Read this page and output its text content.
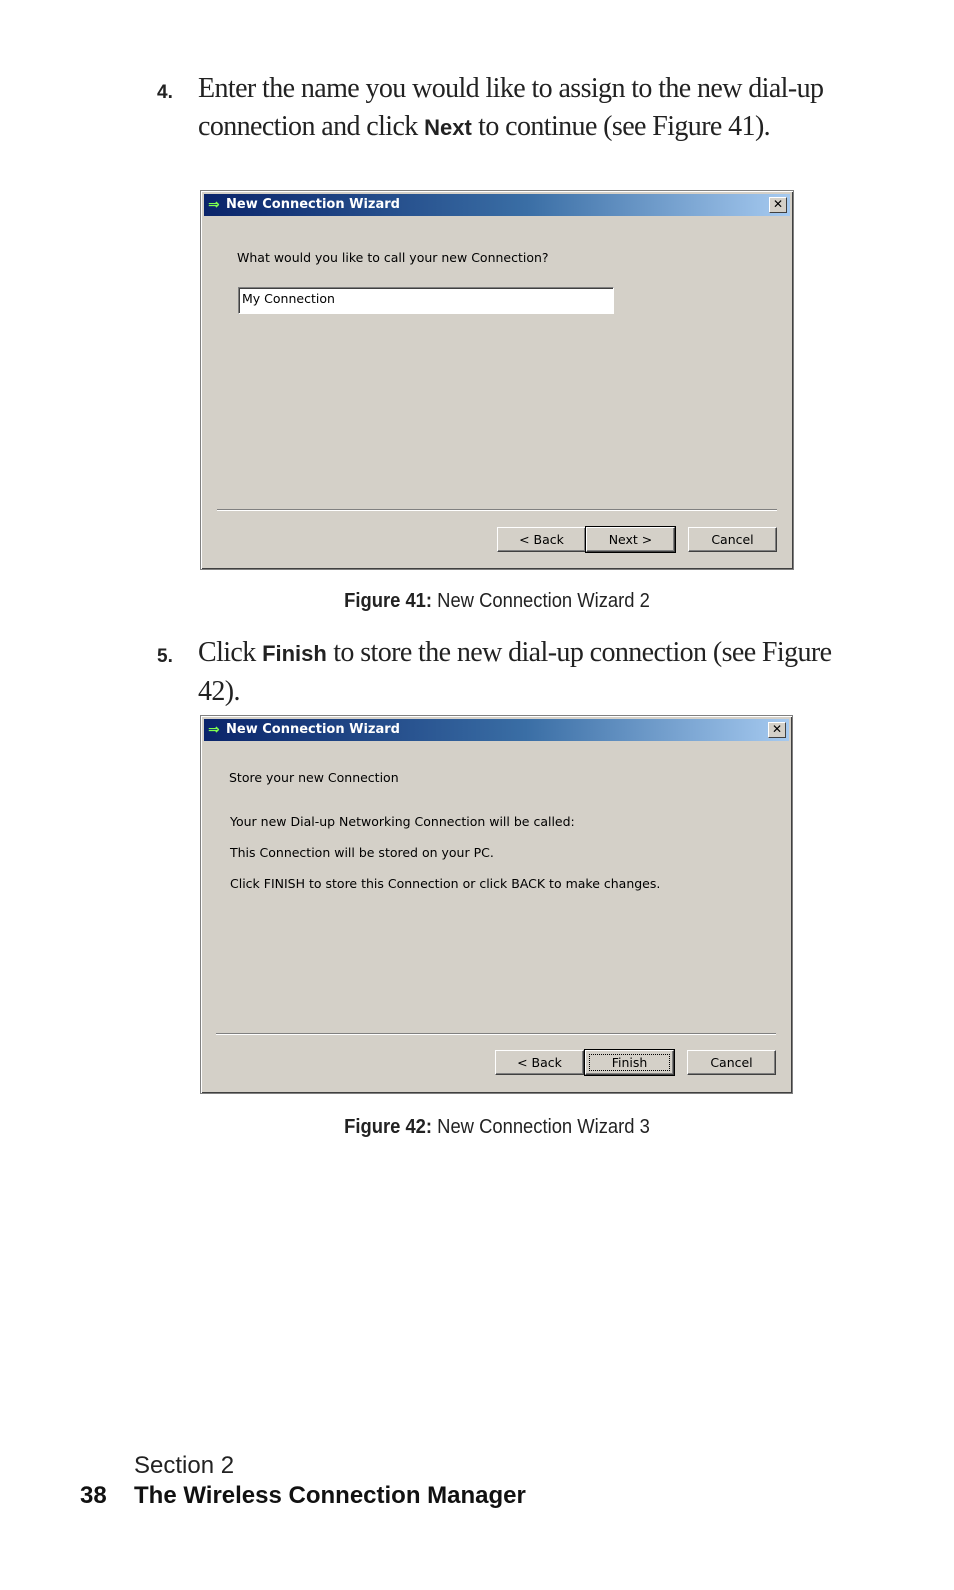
4. Enter the name you would like to assign to the new dial-up connection and click Next to continue (see Figure 41).
⇒ New Connection Wizard	✕
What would you like to call your new Connection?
My Connection
< Back	Next >	Cancel
Figure 41: New Connection Wizard 2
5. Click Finish to store the new dial-up connection (see Figure 42).
⇒ New Connection Wizard	✕
Store your new Connection
Your new Dial-up Networking Connection will be called:
This Connection will be stored on your PC.
Click FINISH to store this Connection or click BACK to make changes.
< Back	Finish	Cancel
Figure 42: New Connection Wizard 3
Section 2
38 The Wireless Connection Manager
